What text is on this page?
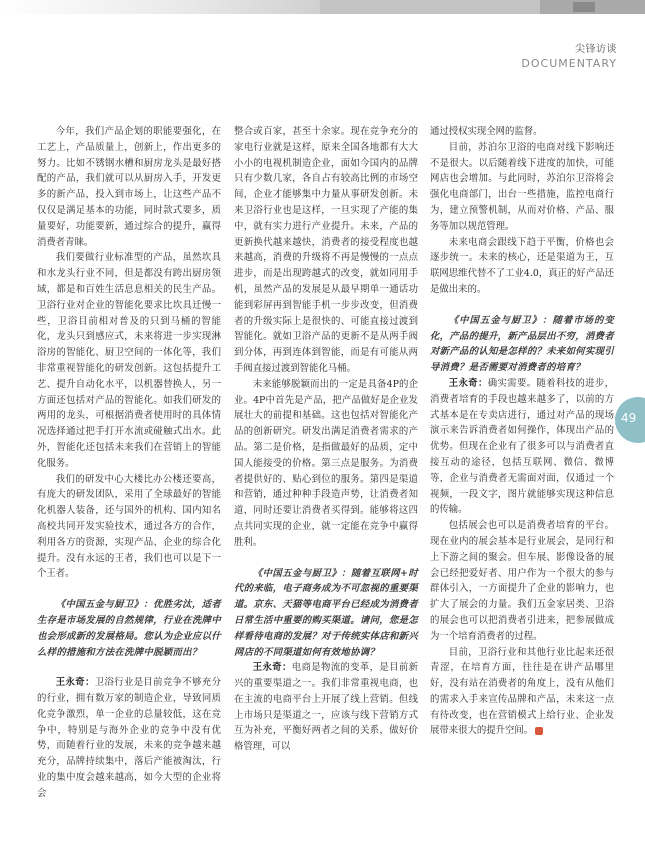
尖锋访谈
DOCUMENTARY

今年，我们产品企划的职能要强化，在工艺上，产品质量上，创新上，作出更多的努力。比如不锈钢水槽和厨房龙头是最好搭配的产品，我们就可以从厨房入手，开发更多的新产品，投入到市场上，让这些产品不仅仅是满足基本的功能，同时款式要多，质量要好，功能要新，通过综合的提升，赢得消费者青睐。

我们要做行业标准型的产品，虽然坎具和水龙头行业不同，但是都没有跨出厨房领域，都是和百姓生活息息相关的民生产品。卫浴行业对企业的智能化要求比坎具迁慢一些，卫浴目前相对普及的只到马桶的智能化，龙头只到感应式，未来将进一步实现淋浴房的智能化、厨卫空间的一体化等，我们非常重视智能化的研发创新。这包括提升工艺、提升自动化水平，以机器替换人，另一方面还包括对产品的智能化。如我们研发的两用的龙头，可根据消费者使用时的具体情况选择通过把手打开水流或碰触式出水。此外，智能化还包括未来我们在营销上的智能化服务。

我们的研发中心大楼比办公楼还要高，有庞大的研发团队，采用了全球最好的智能化机器人装备，还与国外的机构、国内知名高校共同开发实验技术，通过各方的合作，利用各方的资源，实现产品、企业的综合化提升。没有永远的王者，我们也可以是下一个王者。

《中国五金与厨卫》：优胜劣汰，适者生存是市场发展的自然规律，行业在洗牌中也会形成新的发展格局。您认为企业应以什么样的措施和方法在洗牌中脱颖而出？

王永奇：卫浴行业是目前竞争不够充分的行业，拥有数万家的制造企业，导致同质化竞争激烈，单一企业的总量较低，这在竞争中，特别是与海外企业的竞争中没有优势，而随着行业的发展，未来的竞争越来越充分，品牌持续集中，落后产能被淘汰，行业的集中度会越来越高，如今大型的企业将会

整合或百家，甚至十余家。现在竞争充分的家电行业就是这样，原来全国各地都有大大小小的电视机制造企业，面如今国内的品牌只有少数几家，各自占有较高比例的市场空间，企业才能够集中力量从事研发创新。未来卫浴行业也是这样，一旦实现了产能的集中，就有实力进行产业提升。未来，产品的更新换代越来越快，消费者的接受程度也越来越高，消费的升级将不再是慢慢的一点点进步，而是出现跨越式的改变，就如同用手机，虽然产品的发展是从最早期单一通话功能到彩屏再到智能手机一步步改变，但消费者的升级实际上是很快的、可能直接过渡到智能化。就如卫浴产品的更新不是从两手阀到分体，再到连体到智能，而是有可能从两手阀直接过渡到智能化马桶。

未来能够脱颖而出的一定是具备4P的企业。4P中首先是产品，把产品做好是企业发展壮大的前提和基础。这也包括对智能化产品的创新研究。研发出满足消费者需求的产品。第二是价格，是指做最好的品质，定中国人能接受的价格。第三点是服务。为消费者提供好的、贴心到位的服务。第四是渠道和营销，通过种种手段造声势，让消费者知道，同时还要让消费者买得到。能够将这四点共同实现的企业，就一定能在竞争中赢得胜利。

《中国五金与厨卫》：随着互联网+时代的来临，电子商务成为不可忽视的重要渠道。京东、天猫等电商平台已经成为消费者日常生活中重要的购买渠道。请问，您是怎样看待电商的发展？对于传统实体店和新兴网店的不同渠道如何有效地协调？

王永奇：电商是物流的变革，是目前新兴的重要渠道之一。我们非常重视电商，也在主流的电商平台上开展了线上营销。但线上市场只是渠道之一，应该与线下营销方式互为补充，平衡好两者之间的关系，做好价格管理，可以

通过授权实现全网的监督。

目前，苏泊尔卫浴的电商对线下影响还不是很大。以后随着线下进度的加快，可能网店也会增加。与此同时，苏泊尔卫浴将会强化电商部门，出台一些措施，监控电商行为，建立预警机制，从而对价格、产品、服务等加以规范管理。

未来电商会跟线下趋于平衡，价格也会逐步统一。未来的核心，还是渠道为王，互联网思维代替不了工业4.0，真正的好产品还是做出来的。

《中国五金与厨卫》：随着市场的变化，产品的提升，新产品层出不穷，消费者对新产品的认知是怎样的？未来如何实现引导消费？是否需要对消费者的培育？

王永奇：确实需要。随着科技的进步，消费者培育的手段也越来越多了，以前的方式基本是在专卖店进行，通过对产品的现场演示来告诉消费者如何操作，体现出产品的优势。但现在企业有了很多可以与消费者直接互动的途径，包括互联网、微信、微博等，企业与消费者无需面对面，仅通过一个视频，一段文字，图片就能够实现这种信息的传输。

包括展会也可以是消费者培育的平台。现在业内的展会基本是行业展会，是同行和上下游之间的聚会。但车展、影像设备的展会已经把爱好者、用户作为一个很大的参与群体引入，一方面提升了企业的影响力，也扩大了展会的力量。我们五金家居类、卫浴的展会也可以把消费者引进来，把参展做成为一个培育消费者的过程。

目前，卫浴行业和其他行业比起来还很青涩，在培育方面，往往是在讲产品哪里好，没有站在消费者的角度上，没有从他们的需求入手来宣传品牌和产品，未来这一点有待改变，也在营销模式上给行业、企业发展带来很大的提升空间。

49
